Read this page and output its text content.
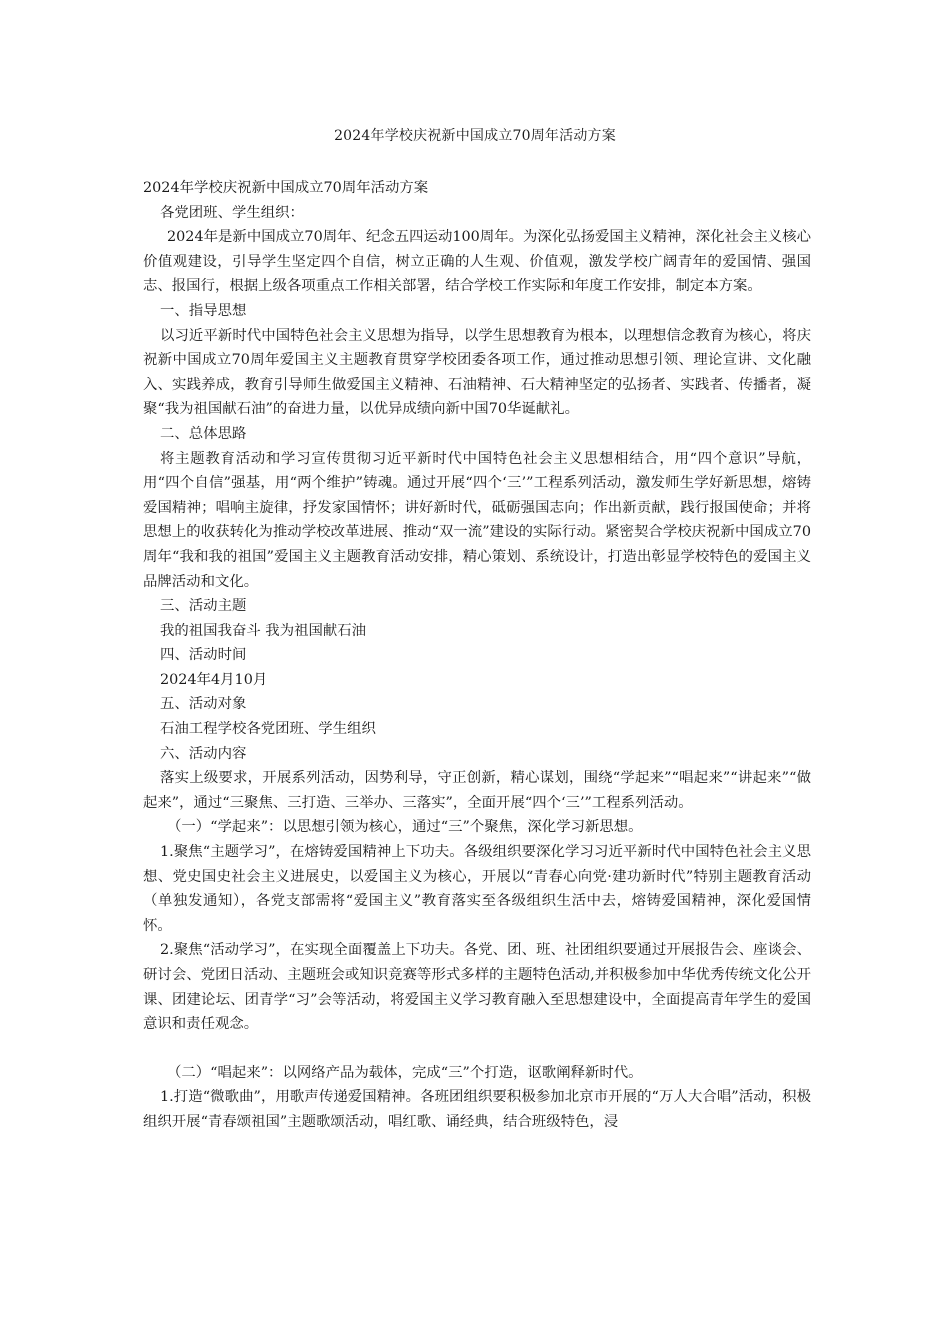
2024年学校庆祝新中国成立70周年活动方案

2024年学校庆祝新中国成立70周年活动方案

各党团班、学生组织：

2024年是新中国成立70周年、纪念五四运动100周年。为深化弘扬爱国主义精神，深化社会主义核心价值观建设，引导学生坚定四个自信，树立正确的人生观、价值观，激发学校广阔青年的爱国情、强国志、报国行，根据上级各项重点工作相关部署，结合学校工作实际和年度工作安排，制定本方案。

一、指导思想

以习近平新时代中国特色社会主义思想为指导，以学生思想教育为根本，以理想信念教育为核心，将庆祝新中国成立70周年爱国主义主题教育贯穿学校团委各项工作，通过推动思想引领、理论宣讲、文化融入、实践养成，教育引导师生做爱国主义精神、石油精神、石大精神坚定的弘扬者、实践者、传播者，凝聚“我为祖国献石油”的奋进力量，以优异成绩向新中国70华诞献礼。

二、总体思路

将主题教育活动和学习宣传贯彻习近平新时代中国特色社会主义思想相结合，用“四个意识”导航，用“四个自信”强基，用“两个维护”铸魂。通过开展“四个‘三’”工程系列活动，激发师生学好新思想，熔铸爱国精神；唱响主旋律，抒发家国情怀；讲好新时代，砥砺强国志向；作出新贡献，践行报国使命；并将思想上的收获转化为推动学校改革进展、推动“双一流”建设的实际行动。紧密契合学校庆祝新中国成立70周年“我和我的祖国”爱国主义主题教育活动安排，精心策划、系统设计，打造出彰显学校特色的爱国主义品牌活动和文化。

三、活动主题

我的祖国我奋斗 我为祖国献石油

四、活动时间

2024年4月10月

五、活动对象

石油工程学校各党团班、学生组织

六、活动内容

落实上级要求，开展系列活动，因势利导，守正创新，精心谋划，围绕“学起来”“唱起来”“讲起来”“做起来”，通过“三聚焦、三打造、三举办、三落实”，全面开展“四个‘三’”工程系列活动。

（一）“学起来”：以思想引领为核心，通过“三”个聚焦，深化学习新思想。

1.聚焦“主题学习”，在熔铸爱国精神上下功夫。各级组织要深化学习习近平新时代中国特色社会主义思想、党史国史社会主义进展史，以爱国主义为核心，开展以“青春心向党·建功新时代”特别主题教育活动（单独发通知），各党支部需将“爱国主义”教育落实至各级组织生活中去，熔铸爱国精神，深化爱国情怀。

2.聚焦“活动学习”，在实现全面覆盖上下功夫。各党、团、班、社团组织要通过开展报告会、座谈会、研讨会、党团日活动、主题班会或知识竞赛等形式多样的主题特色活动,并积极参加中华优秀传统文化公开课、团建论坛、团青学“习”会等活动，将爱国主义学习教育融入至思想建设中，全面提高青年学生的爱国意识和责任观念。

（二）“唱起来”：以网络产品为载体，完成“三”个打造，讴歌阐释新时代。

1.打造“微歌曲”，用歌声传递爱国精神。各班团组织要积极参加北京市开展的“万人大合唱”活动，积极组织开展“青春颂祖国”主题歌颂活动，唱红歌、诵经典，结合班级特色，浸
